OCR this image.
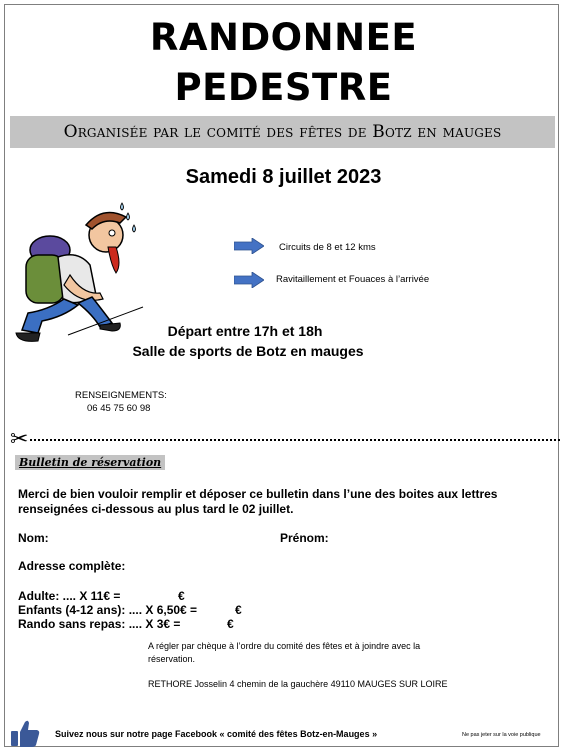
RANDONNEE
PEDESTRE
Organisée par le comité des fêtes de Botz en mauges
Samedi 8 juillet 2023
Circuits de 8 et 12 kms
Ravitaillement et Fouaces à l’arrivée
Départ entre 17h et 18h
Salle de sports de Botz en mauges
RENSEIGNEMENTS:
06 45 75 60 98
✂
Bulletin de réservation
Merci de bien vouloir remplir et déposer ce bulletin dans l’une des boites aux lettres
renseignées ci-dessous au plus tard le 02 juillet.
Nom:	Prénom:
Adresse complète:
Adulte: .... X 11€ =	€
Enfants (4-12 ans): .... X 6,50€ =	€
Rando sans repas: .... X 3€ =	€
A régler par chèque à l’ordre du comité des fêtes et à joindre avec la
réservation.
RETHORE Josselin 4 chemin de la gauchère 49110 MAUGES SUR LOIRE
Suivez nous sur notre page Facebook « comité des fêtes Botz-en-Mauges »	Ne pas jeter sur la voie publique
